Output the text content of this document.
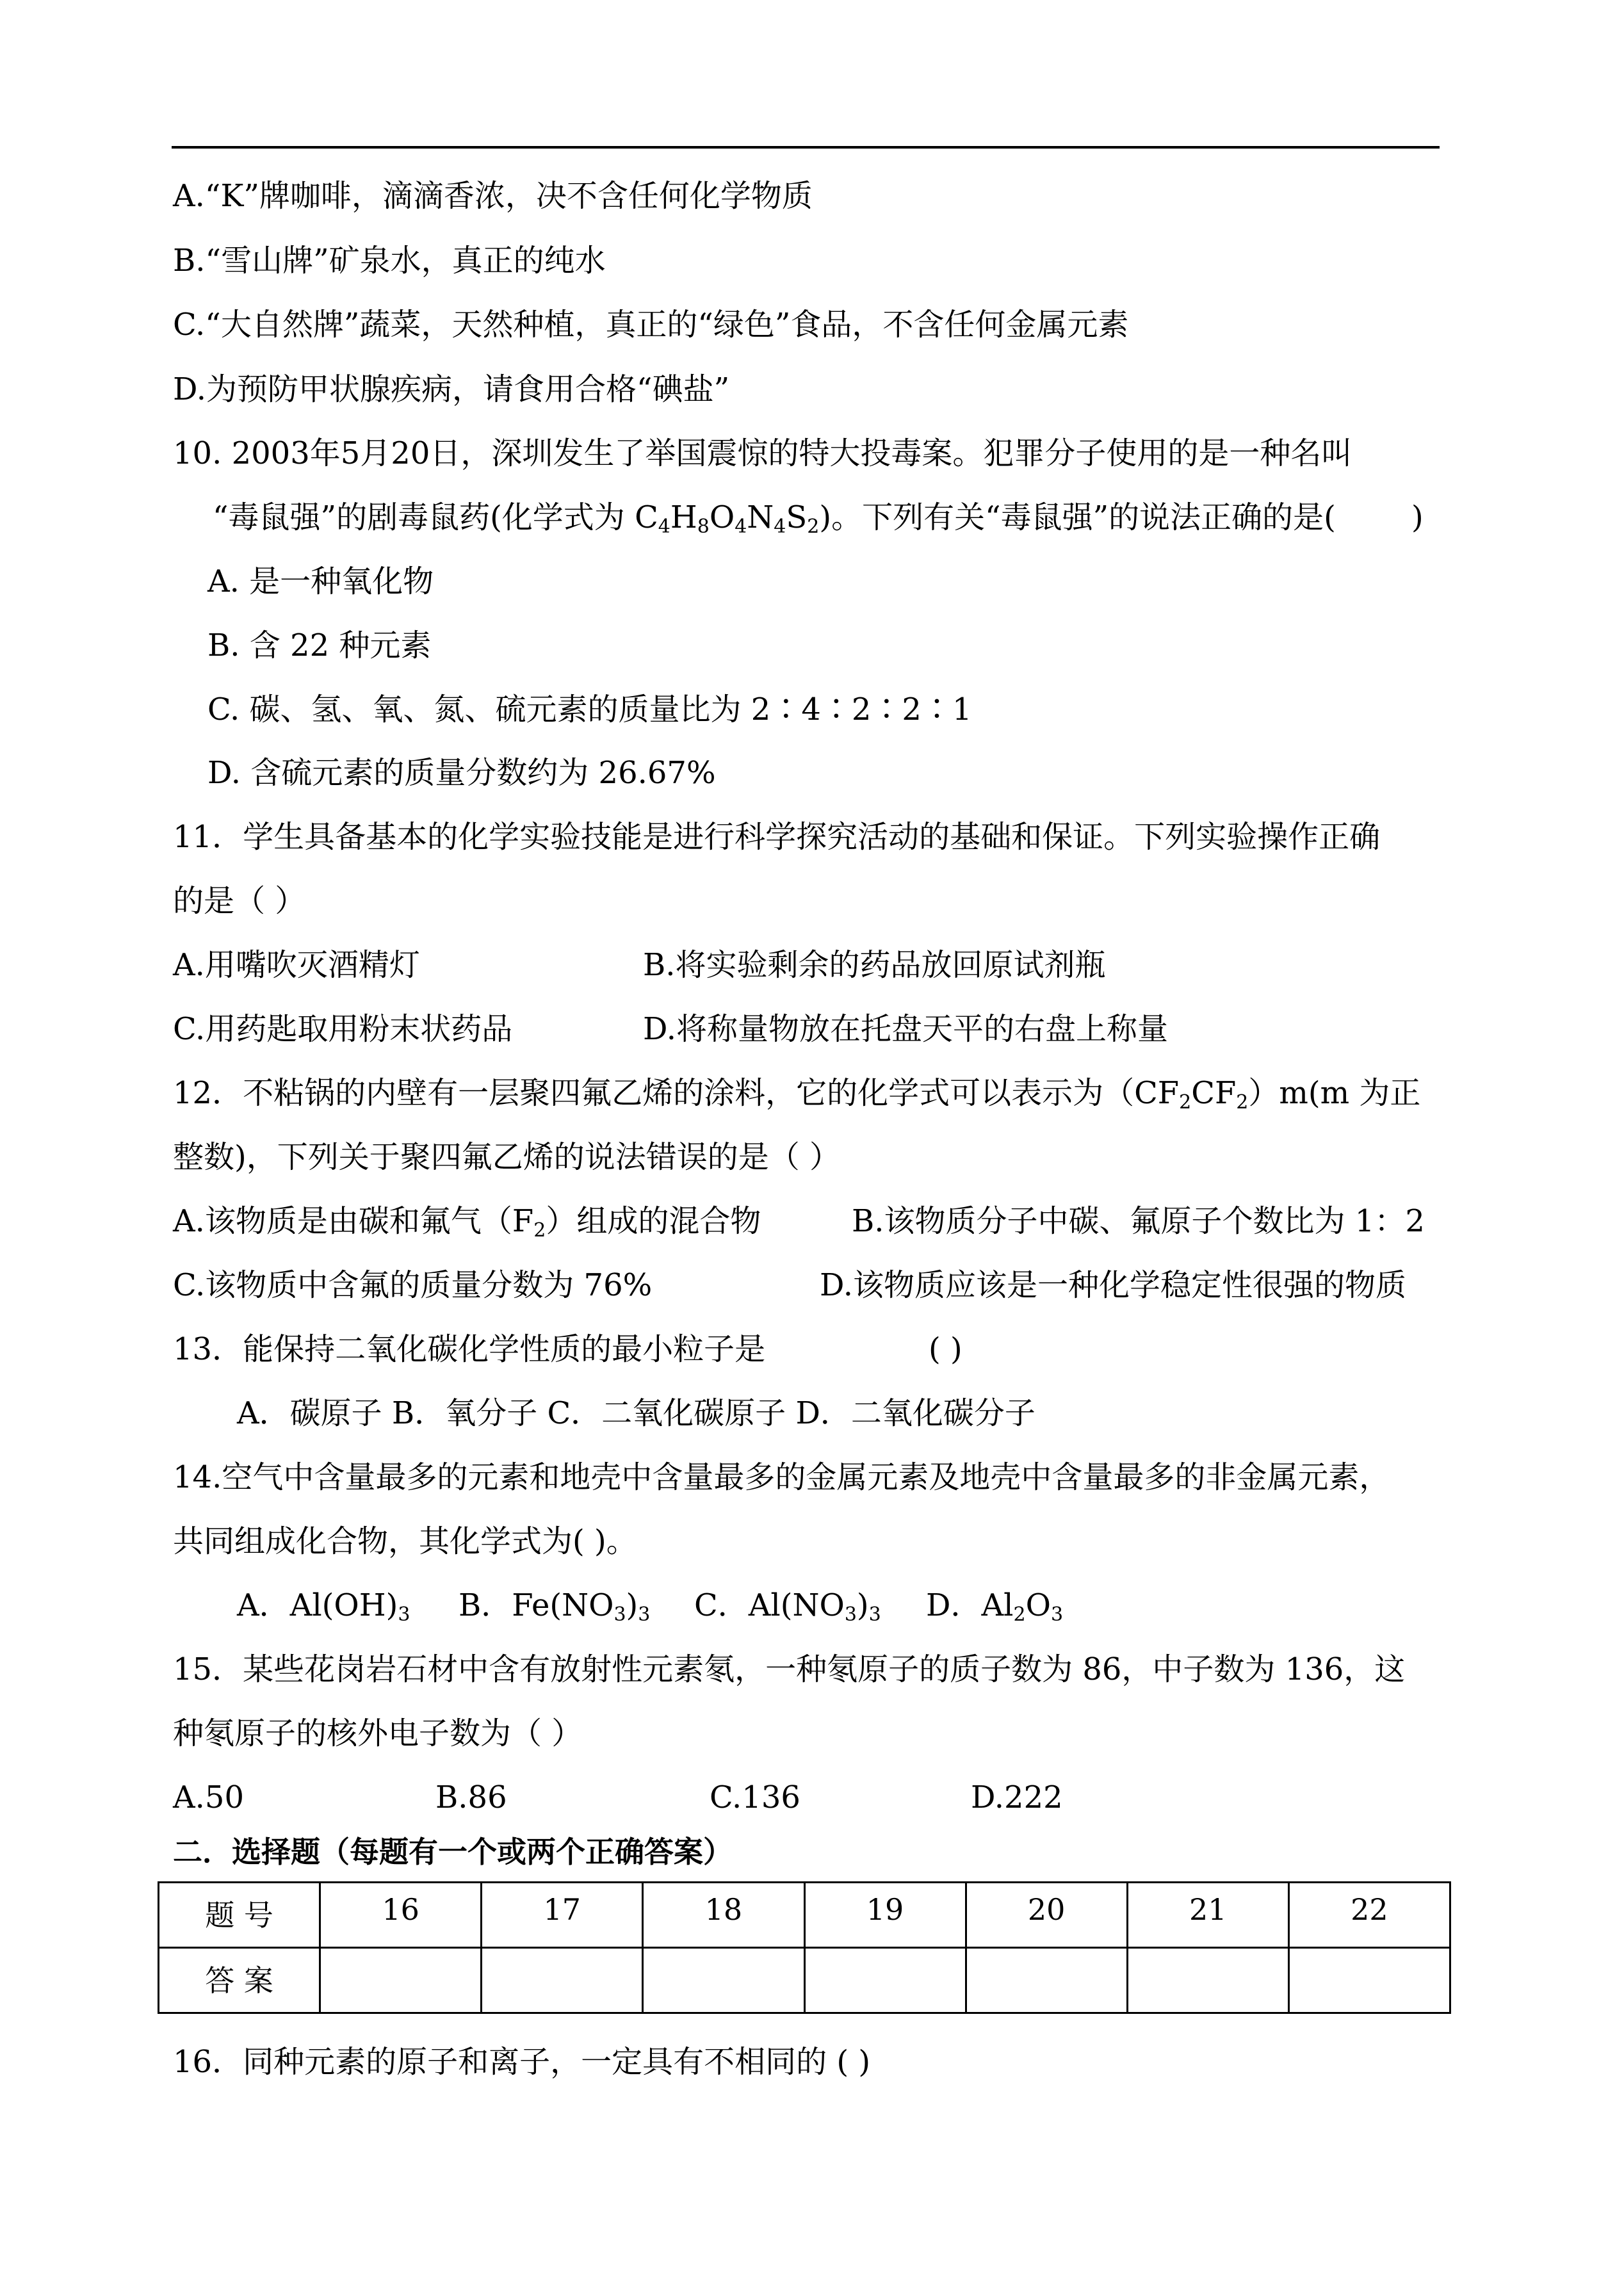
A.“K”牌咖啡，滴滴香浓，决不含任何化学物质
B.“雪山牌”矿泉水，真正的纯水
C.“大自然牌”蔬菜，天然种植，真正的“绿色”食品，不含任何金属元素
D.为预防甲状腺疾病，请食用合格“碘盐”
10. 2003年5月20日，深圳发生了举国震惊的特大投毒案。犯罪分子使用的是一种名叫
“毒鼠强”的剧毒鼠药(化学式为 $C_4H_8O_4N_4S_2$)。下列有关“毒鼠强”的说法正确的是( )
A. 是一种氧化物
B. 含 22 种元素
C. 碳、氢、氧、氮、硫元素的质量比为 2∶4∶2∶2∶1
D. 含硫元素的质量分数约为 26.67%
11．学生具备基本的化学实验技能是进行科学探究活动的基础和保证。下列实验操作正确
的是（ ）
A.用嘴吹灭酒精灯	B.将实验剩余的药品放回原试剂瓶
C.用药匙取用粉末状药品	D.将称量物放在托盘天平的右盘上称量
12．不粘锅的内壁有一层聚四氟乙烯的涂料，它的化学式可以表示为$(CF_2CF_2)m(m$ 为正
整数)，下列关于聚四氟乙烯的说法错误的是（ ）
A.该物质是由碳和氟气$(F_2)$组成的混合物	B.该物质分子中碳、氟原子个数比为 1：2
C.该物质中含氟的质量分数为 76%	D.该物质应该是一种化学稳定性很强的物质
13．能保持二氧化碳化学性质的最小粒子是	( )
A．碳原子 B．氧分子 C．二氧化碳原子 D．二氧化碳分子
14.空气中含量最多的元素和地壳中含量最多的金属元素及地壳中含量最多的非金属元素，
共同组成化合物，其化学式为( )。
A．$Al(OH)_3$ B．$Fe(NO_3)_3$ C．$Al(NO_3)_3$ D．$Al_2O_3$
15．某些花岗岩石材中含有放射性元素氡，一种氡原子的质子数为 86，中子数为 136，这
种氡原子的核外电子数为（ ）
A.50	B.86	C.136	D.222
二．选择题（每题有一个或两个正确答案）
题 号	16	17	18	19	20	21	22
答 案							
16．同种元素的原子和离子，一定具有不相同的 ( )
